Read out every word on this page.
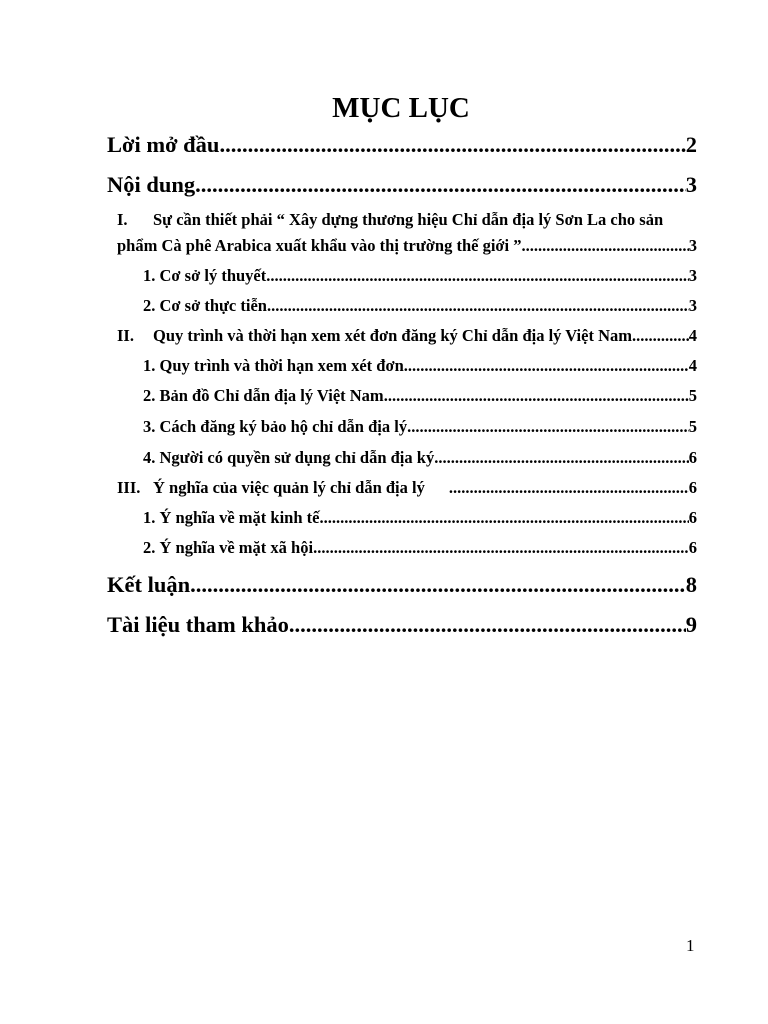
MỤC LỤC
Lời mở đầu .....	2
Nội dung .....	3
I. Sự cần thiết phải “ Xây dựng thương hiệu Chỉ dẫn địa lý Sơn La cho sản
phẩm Cà phê Arabica xuất khẩu vào thị trường thế giới ” .....	3
1. Cơ sở lý thuyết .....	3
2. Cơ sở thực tiễn .....	3
II. Quy trình và thời hạn xem xét đơn đăng ký Chỉ dẫn địa lý Việt Nam .....	4
1. Quy trình và thời hạn xem xét đơn .....	4
2. Bản đồ Chỉ dẫn địa lý Việt Nam .....	5
3. Cách đăng ký bảo hộ chỉ dẫn địa lý .....	5
4. Người có quyền sử dụng chỉ dẫn địa ký .....	6
III. Ý nghĩa của việc quản lý chỉ dẫn địa lý .....	6
1. Ý nghĩa về mặt kinh tế .....	6
2. Ý nghĩa về mặt xã hội .....	6
Kết luận .....	8
Tài liệu tham khảo .....	9
1
